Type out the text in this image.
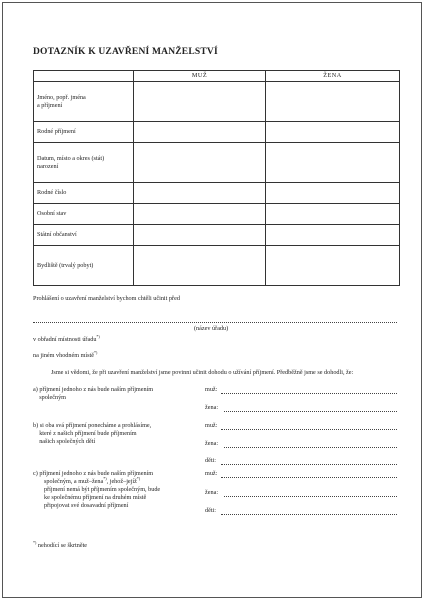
DOTAZNÍK K UZAVŘENÍ MANŽELSTVÍ
	MUŽ	ŽENA
Jméno, popř. jména
a příjmení		
Rodné příjmení		
Datum, místo a okres (stát)
narození		
Rodné číslo		
Osobní stav		
Státní občanství		
Bydliště (trvalý pobyt)		
Prohlášení o uzavření manželství bychom chtěli učinit před
(název úřadu)
v obřadní místnosti úřadu*)
na jiném vhodném místě*)
Jsme si vědomi, že při uzavření manželství jsme povinni učinit dohodu o užívání příjmení. Předběžně jsme se dohodli, že:
a) příjmení jednoho z nás bude naším příjmením
společným
muž:
žena:
b) si oba svá příjmení ponecháme a prohlásíme,
které z našich příjmení bude příjmením
našich společných dětí
muž:
žena:
děti:
c) příjmení jednoho z nás bude naším příjmením
společným, a muž–žena*), jehož–jejíž*)
příjmení nemá být příjmením společným, bude
ke společnému příjmení na druhém místě
připojovat své dosavadní příjmení
muž:
žena:
děti:
*) nehodící se škrtněte
